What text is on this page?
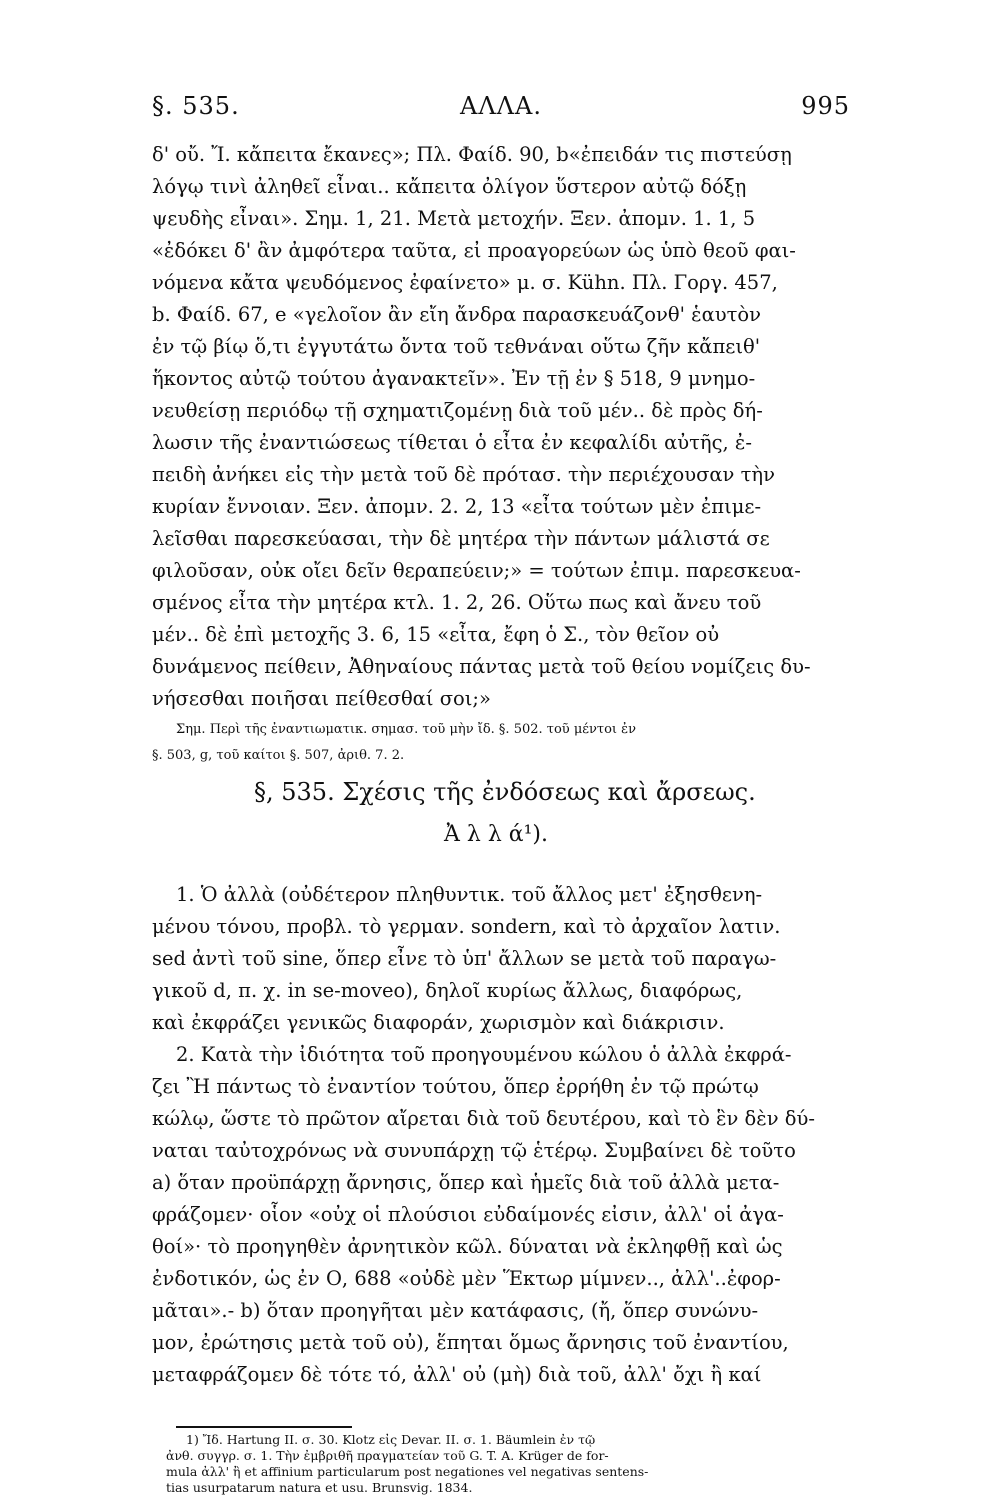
§. 535.	ΑΛΛΑ.	995
δ' οὔ. Ἴ. κἄπειτα ἔκανες»; Πλ. Φαίδ. 90, b«ἐπειδάν τις πιστεύσῃ
λόγῳ τινὶ ἀληθεῖ εἶναι.. κἄπειτα ὀλίγον ὕστερον αὐτῷ δόξῃ
ψευδὴς εἶναι». Σημ. 1, 21. Μετὰ μετοχήν. Ξεν. ἀπομν. 1. 1, 5
«ἐδόκει δ' ἂν ἀμφότερα ταῦτα, εἰ προαγορεύων ὡς ὑπὸ θεοῦ φαι-
νόμενα κἄτα ψευδόμενος ἐφαίνετο» μ. σ. Kühn. Πλ. Γοργ. 457,
b. Φαίδ. 67, e «γελοῖον ἂν εἴη ἄνδρα παρασκευάζονθ' ἑαυτὸν
ἐν τῷ βίῳ ὅ,τι ἐγγυτάτω ὄντα τοῦ τεθνάναι οὕτω ζῆν κἄπειθ'
ἥκοντος αὐτῷ τούτου ἀγανακτεῖν». Ἐν τῇ ἐν § 518, 9 μνημο-
νευθείσῃ περιόδῳ τῇ σχηματιζομένῃ διὰ τοῦ μέν.. δὲ πρὸς δή-
λωσιν τῆς ἐναντιώσεως τίθεται ὁ εἶτα ἐν κεφαλίδι αὐτῆς, ἐ-
πειδὴ ἀνήκει εἰς τὴν μετὰ τοῦ δὲ πρότασ. τὴν περιέχουσαν τὴν
κυρίαν ἔννοιαν. Ξεν. ἀπομν. 2. 2, 13 «εἶτα τούτων μὲν ἐπιμε-
λεῖσθαι παρεσκεύασαι, τὴν δὲ μητέρα τὴν πάντων μάλιστά σε
φιλοῦσαν, οὐκ οἴει δεῖν θεραπεύειν;» = τούτων ἐπιμ. παρεσκευα-
σμένος εἶτα τὴν μητέρα κτλ. 1. 2, 26. Οὕτω πως καὶ ἄνευ τοῦ
μέν.. δὲ ἐπὶ μετοχῆς 3. 6, 15 «εἶτα, ἔφη ὁ Σ., τὸν θεῖον οὐ
δυνάμενος πείθειν, Ἀθηναίους πάντας μετὰ τοῦ θείου νομίζεις δυ-
νήσεσθαι ποιῆσαι πείθεσθαί σοι;»
Σημ. Περὶ τῆς ἐναντιωματικ. σημασ. τοῦ μὴν ἴδ. §. 502. τοῦ μέντοι ἐν
§. 503, g, τοῦ καίτοι §. 507, ἀριθ. 7. 2.
§, 535. Σχέσις τῆς ἐνδόσεως καὶ ἄρσεως.
Ἀ λ λ ά¹).
1. Ὁ ἀλλὰ (οὐδέτερον πληθυντικ. τοῦ ἄλλος μετ' ἐξησθενη-
μένου τόνου, προβλ. τὸ γερμαν. sondern, καὶ τὸ ἀρχαῖον λατιν.
sed ἀντὶ τοῦ sine, ὅπερ εἶνε τὸ ὑπ' ἄλλων se μετὰ τοῦ παραγω-
γικοῦ d, π. χ. in se-moveo), δηλοῖ κυρίως ἄλλως, διαφόρως,
καὶ ἐκφράζει γενικῶς διαφοράν, χωρισμὸν καὶ διάκρισιν.
2. Κατὰ τὴν ἰδιότητα τοῦ προηγουμένου κώλου ὁ ἀλλὰ ἐκφρά-
ζει Ἢ πάντως τὸ ἐναντίον τούτου, ὅπερ ἐρρήθη ἐν τῷ πρώτῳ
κώλῳ, ὥστε τὸ πρῶτον αἴρεται διὰ τοῦ δευτέρου, καὶ τὸ ἓν δὲν δύ-
ναται ταὐτοχρόνως νὰ συνυπάρχῃ τῷ ἑτέρῳ. Συμβαίνει δὲ τοῦτο
a) ὅταν προϋπάρχῃ ἄρνησις, ὅπερ καὶ ἡμεῖς διὰ τοῦ ἀλλὰ μετα-
φράζομεν· οἷον «οὐχ οἱ πλούσιοι εὐδαίμονές εἰσιν, ἀλλ' οἱ ἀγα-
θοί»· τὸ προηγηθὲν ἀρνητικὸν κῶλ. δύναται νὰ ἐκληφθῇ καὶ ὡς
ἐνδοτικόν, ὡς ἐν Ο, 688 «οὐδὲ μὲν Ἕκτωρ μίμνεν.., ἀλλ'..ἐφορ-
μᾶται».- b) ὅταν προηγῆται μὲν κατάφασις, (ἤ, ὅπερ συνώνυ-
μον, ἐρώτησις μετὰ τοῦ οὐ), ἕπηται ὅμως ἄρνησις τοῦ ἐναντίου,
μεταφράζομεν δὲ τότε τό, ἀλλ' οὐ (μὴ) διὰ τοῦ, ἀλλ' ὄχι ἢ καί
1) Ἴδ. Hartung II. σ. 30. Klotz εἰς Devar. II. σ. 1. Bäumlein ἐν τῷ
ἀνθ. συγγρ. σ. 1. Τὴν ἐμβριθῆ πραγματείαν τοῦ G. T. A. Krüger de for-
mula ἀλλ' ἢ et affinium particularum post negationes vel negativas sentens-
tias usurpatarum natura et usu. Brunsvig. 1834.
